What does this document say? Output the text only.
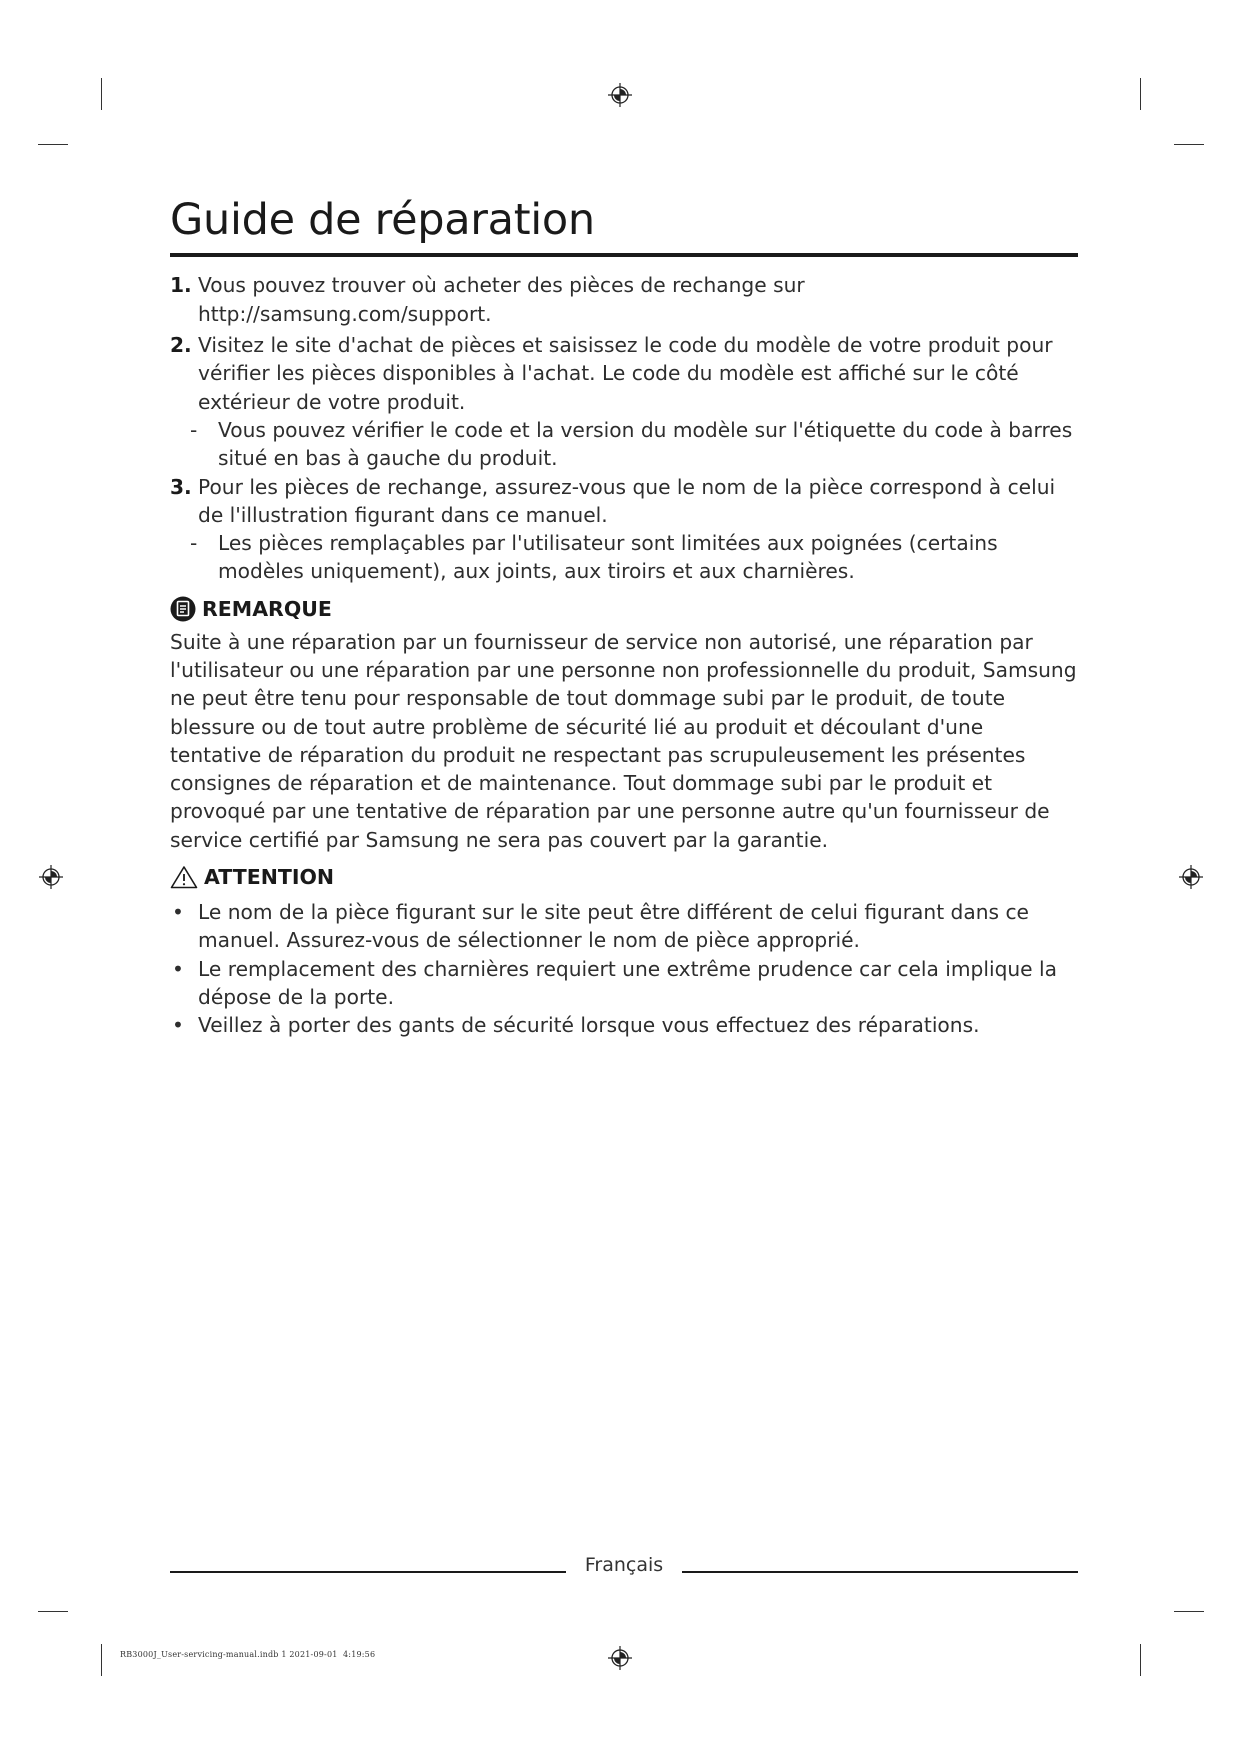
Guide de réparation

1. Vous pouvez trouver où acheter des pièces de rechange sur http://samsung.com/support.

2. Visitez le site d'achat de pièces et saisissez le code du modèle de votre produit pour vérifier les pièces disponibles à l'achat. Le code du modèle est affiché sur le côté extérieur de votre produit.

- Vous pouvez vérifier le code et la version du modèle sur l'étiquette du code à barres situé en bas à gauche du produit.

3. Pour les pièces de rechange, assurez-vous que le nom de la pièce correspond à celui de l'illustration figurant dans ce manuel.

- Les pièces remplaçables par l'utilisateur sont limitées aux poignées (certains modèles uniquement), aux joints, aux tiroirs et aux charnières.

REMARQUE

Suite à une réparation par un fournisseur de service non autorisé, une réparation par l'utilisateur ou une réparation par une personne non professionnelle du produit, Samsung ne peut être tenu pour responsable de tout dommage subi par le produit, de toute blessure ou de tout autre problème de sécurité lié au produit et découlant d'une tentative de réparation du produit ne respectant pas scrupuleusement les présentes consignes de réparation et de maintenance. Tout dommage subi par le produit et provoqué par une tentative de réparation par une personne autre qu'un fournisseur de service certifié par Samsung ne sera pas couvert par la garantie.

ATTENTION

• Le nom de la pièce figurant sur le site peut être différent de celui figurant dans ce manuel. Assurez-vous de sélectionner le nom de pièce approprié.

• Le remplacement des charnières requiert une extrême prudence car cela implique la dépose de la porte.

• Veillez à porter des gants de sécurité lorsque vous effectuez des réparations.

Français
RB3000J_User-servicing-manual.indb 1 2021-09-01 ￼￼ 4:19:56
